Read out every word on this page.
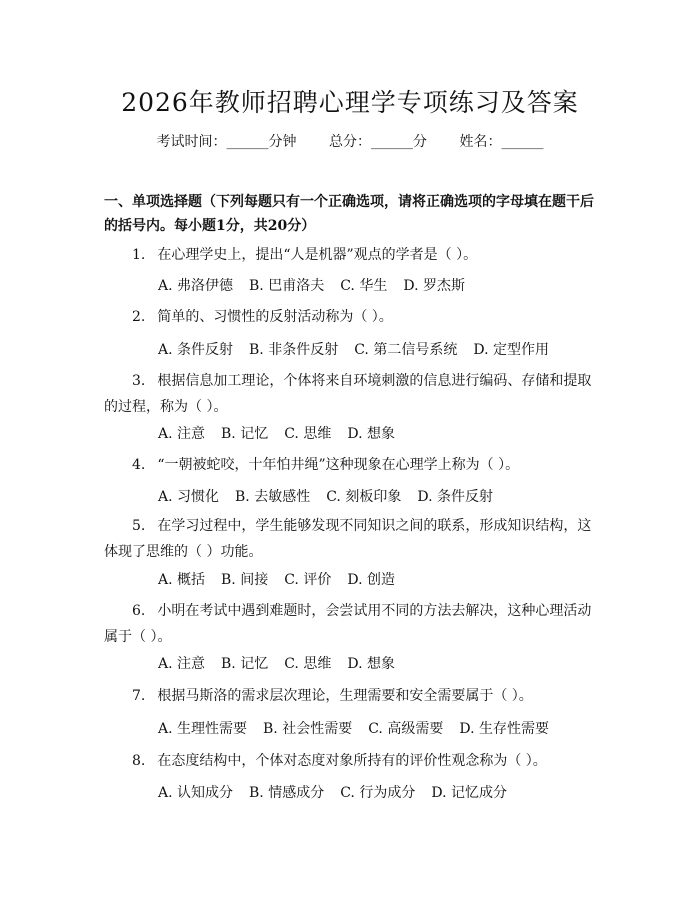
2026年教师招聘心理学专项练习及答案
考试时间：______分钟 总分：______分 姓名：______
一、单项选择题（下列每题只有一个正确选项，请将正确选项的字母填在题干后的括号内。每小题1分，共20分）
1. 在心理学史上，提出“人是机器”观点的学者是（ ）。
A. 弗洛伊德 B. 巴甫洛夫 C. 华生 D. 罗杰斯
2. 简单的、习惯性的反射活动称为（ ）。
A. 条件反射 B. 非条件反射 C. 第二信号系统 D. 定型作用
3. 根据信息加工理论，个体将来自环境刺激的信息进行编码、存储和提取的过程，称为（ ）。
A. 注意 B. 记忆 C. 思维 D. 想象
4. “一朝被蛇咬，十年怕井绳”这种现象在心理学上称为（ ）。
A. 习惯化 B. 去敏感性 C. 刻板印象 D. 条件反射
5. 在学习过程中，学生能够发现不同知识之间的联系，形成知识结构，这体现了思维的（ ）功能。
A. 概括 B. 间接 C. 评价 D. 创造
6. 小明在考试中遇到难题时，会尝试用不同的方法去解决，这种心理活动属于（ ）。
A. 注意 B. 记忆 C. 思维 D. 想象
7. 根据马斯洛的需求层次理论，生理需要和安全需要属于（ ）。
A. 生理性需要 B. 社会性需要 C. 高级需要 D. 生存性需要
8. 在态度结构中，个体对态度对象所持有的评价性观念称为（ ）。
A. 认知成分 B. 情感成分 C. 行为成分 D. 记忆成分
